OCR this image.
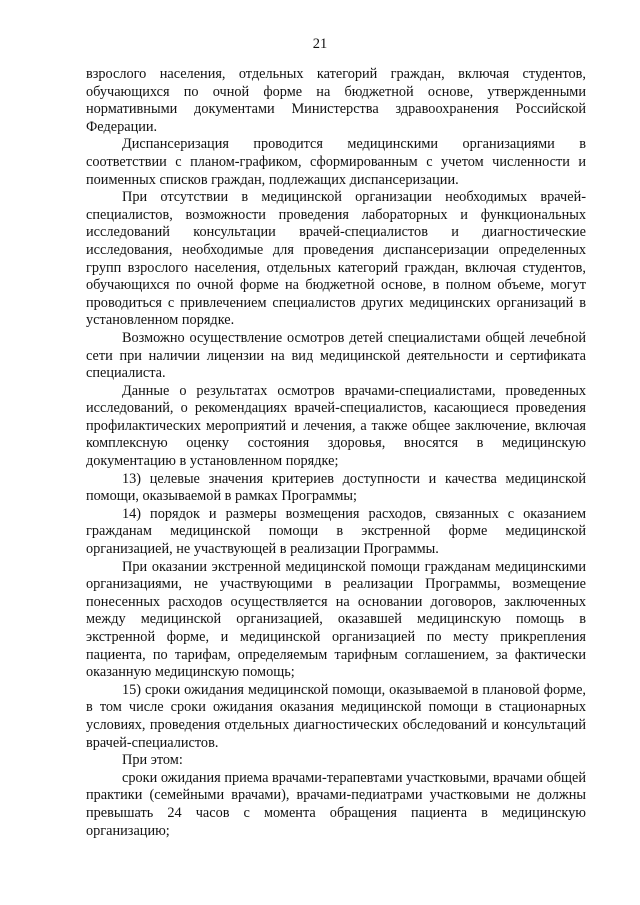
21

взрослого населения, отдельных категорий граждан, включая студентов, обучающихся по очной форме на бюджетной основе, утвержденными нормативными документами Министерства здравоохранения Российской Федерации.

Диспансеризация проводится медицинскими организациями в соответствии с планом-графиком, сформированным с учетом численности и поименных списков граждан, подлежащих диспансеризации.

При отсутствии в медицинской организации необходимых врачей-специалистов, возможности проведения лабораторных и функциональных исследований консультации врачей-специалистов и диагностические исследования, необходимые для проведения диспансеризации определенных групп взрослого населения, отдельных категорий граждан, включая студентов, обучающихся по очной форме на бюджетной основе, в полном объеме, могут проводиться с привлечением специалистов других медицинских организаций в установленном порядке.

Возможно осуществление осмотров детей специалистами общей лечебной сети при наличии лицензии на вид медицинской деятельности и сертификата специалиста.

Данные о результатах осмотров врачами-специалистами, проведенных исследований, о рекомендациях врачей-специалистов, касающиеся проведения профилактических мероприятий и лечения, а также общее заключение, включая комплексную оценку состояния здоровья, вносятся в медицинскую документацию в установленном порядке;

13) целевые значения критериев доступности и качества медицинской помощи, оказываемой в рамках Программы;

14) порядок и размеры возмещения расходов, связанных с оказанием гражданам медицинской помощи в экстренной форме медицинской организацией, не участвующей в реализации Программы.

При оказании экстренной медицинской помощи гражданам медицинскими организациями, не участвующими в реализации Программы, возмещение понесенных расходов осуществляется на основании договоров, заключенных между медицинской организацией, оказавшей медицинскую помощь в экстренной форме, и медицинской организацией по месту прикрепления пациента, по тарифам, определяемым тарифным соглашением, за фактически оказанную медицинскую помощь;

15) сроки ожидания медицинской помощи, оказываемой в плановой форме, в том числе сроки ожидания оказания медицинской помощи в стационарных условиях, проведения отдельных диагностических обследований и консультаций врачей-специалистов.

При этом:

сроки ожидания приема врачами-терапевтами участковыми, врачами общей практики (семейными врачами), врачами-педиатрами участковыми не должны превышать 24 часов с момента обращения пациента в медицинскую организацию;
